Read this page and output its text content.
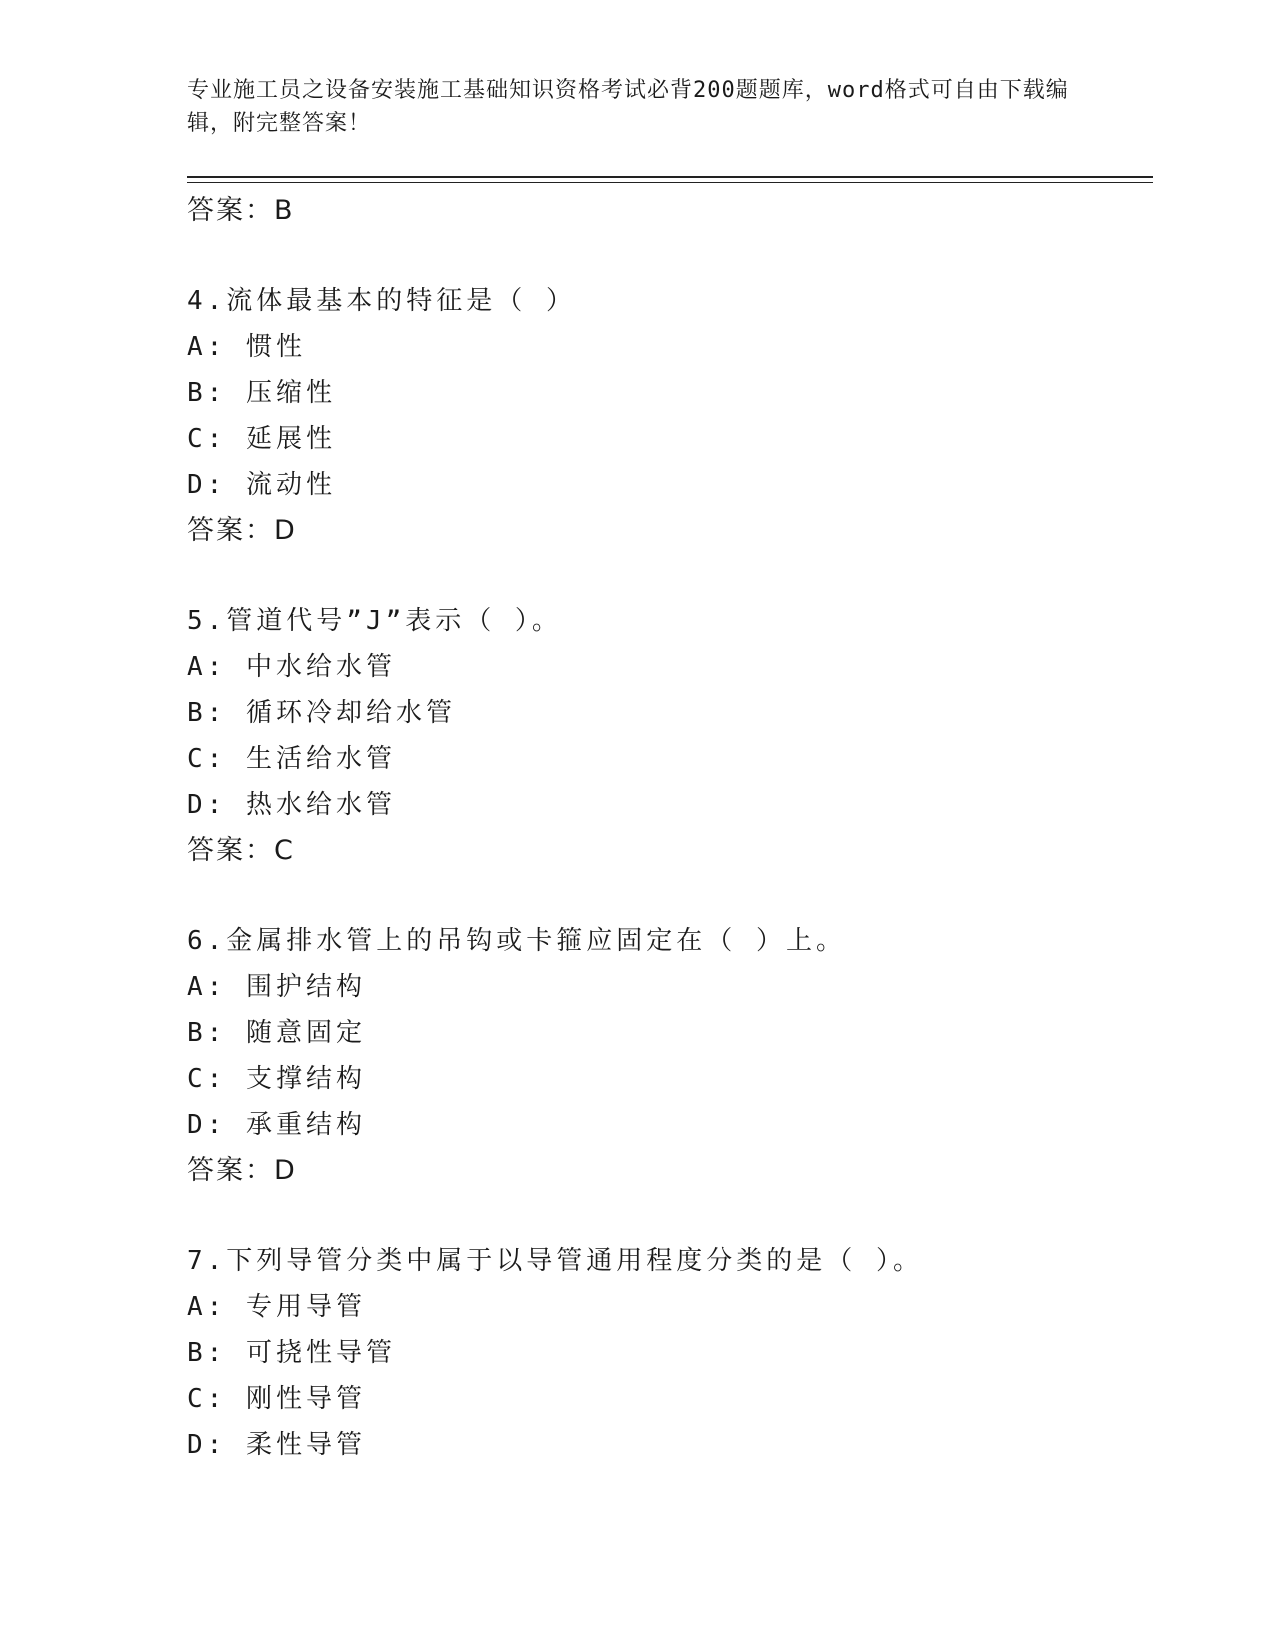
专业施工员之设备安装施工基础知识资格考试必背200题题库，word格式可自由下载编辑，附完整答案！
答案：B
4.流体最基本的特征是（ ）
A: 惯性
B: 压缩性
C: 延展性
D: 流动性
答案：D
5.管道代号”J”表示（ ）。
A: 中水给水管
B: 循环冷却给水管
C: 生活给水管
D: 热水给水管
答案：C
6.金属排水管上的吊钩或卡箍应固定在（ ）上。
A: 围护结构
B: 随意固定
C: 支撑结构
D: 承重结构
答案：D
7.下列导管分类中属于以导管通用程度分类的是（ ）。
A: 专用导管
B: 可挠性导管
C: 刚性导管
D: 柔性导管
